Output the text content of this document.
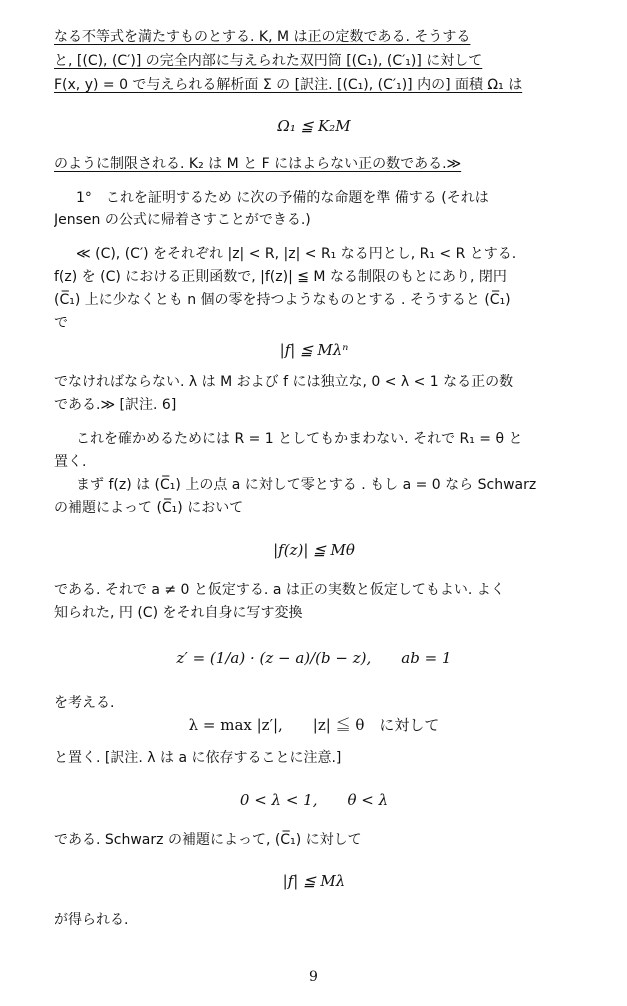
なる不等式を満たすものとする. K, M は正の定数である. そうする
と, [(C), (C′)] の完全内部に与えられた双円筒 [(C₁), (C′₁)] に対して
F(x, y) = 0 で与えられる解析面 Σ の [訳注. [(C₁), (C′₁)] 内の] 面積 Ω₁ は
Ω₁ ≦ K₂M
のように制限される. K₂ は M と F にはよらない正の数である.≫
1°　これを証明するため に次の予備的な命題を準 備する (それは
Jensen の公式に帰着さすことができる.)
≪ (C), (C′) をそれぞれ |z| < R, |z| < R₁ なる円とし, R₁ < R とする.
f(z) を (C) における正則函数で, |f(z)| ≦ M なる制限のもとにあり, 閉円
(C̅₁) 上に少なくとも n 個の零を持つようなものとする . そうすると (C̅₁)
で
|f| ≦ Mλⁿ
でなければならない. λ は M および f には独立な, 0 < λ < 1 なる正の数
である.≫ [訳注. 6]
これを確かめるためには R = 1 としてもかまわない. それで R₁ = θ と
置く.
まず f(z) は (C̅₁) 上の点 a に対して零とする . もし a = 0 なら Schwarz
の補題によって (C̅₁) において
|f(z)| ≦ Mθ
である. それで a ≠ 0 と仮定する. a は正の実数と仮定してもよい. よく
知られた, 円 (C) をそれ自身に写す変換
z′ = (1/a) · (z − a)/(b − z),　　ab = 1
を考える.
λ = max |z′|,　　|z| ≦ θ　に対して
と置く. [訳注. λ は a に依存することに注意.]
0 < λ < 1,　　θ < λ
である. Schwarz の補題によって, (C̅₁) に対して
|f| ≦ Mλ
が得られる.
9
